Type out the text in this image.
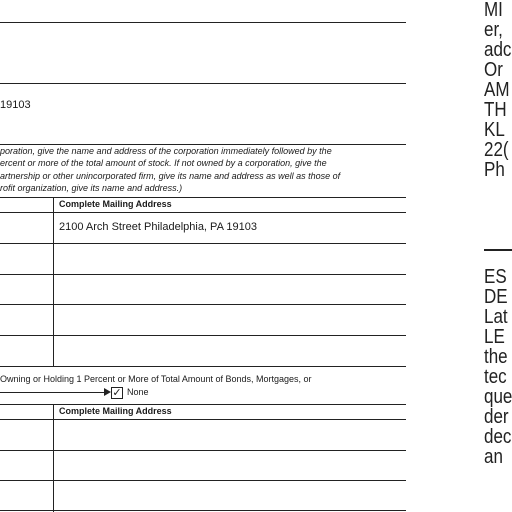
19103
poration, give the name and address of the corporation immediately followed by the
ercent or more of the total amount of stock. If not owned by a corporation, give the
artnership or other unincorporated firm, give its name and address as well as those of
rofit organization, give its name and address.)
Complete Mailing Address
2100 Arch Street Philadelphia, PA 19103
Owning or Holding 1 Percent or More of Total Amount of Bonds, Mortgages, or
✓ None
Complete Mailing Address
MI
er,
adc
Or
AM
TH
KL
22(
Ph
ES
DE
Lat
LE
the
tec
que
der
dec
an
